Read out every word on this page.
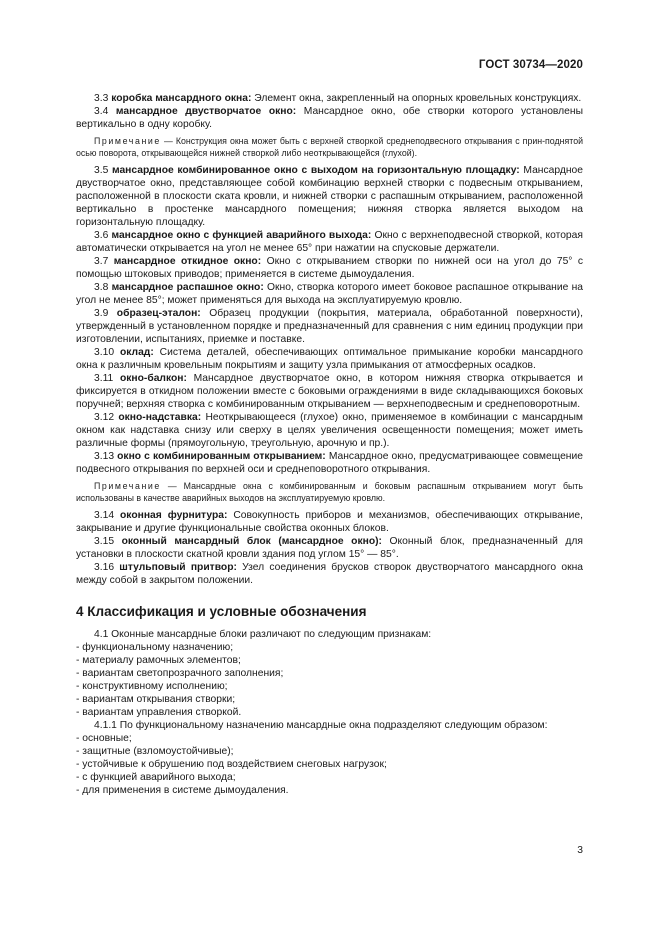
ГОСТ 30734—2020

3.3 коробка мансардного окна: Элемент окна, закрепленный на опорных кровельных конструкциях.

3.4 мансардное двустворчатое окно: Мансардное окно, обе створки которого установлены вертикально в одну коробку.

Примечание — Конструкция окна может быть с верхней створкой среднеподвесного открывания с прин-поднятой осью поворота, открывающейся нижней створкой либо неоткрывающейся (глухой).

3.5 мансардное комбинированное окно с выходом на горизонтальную площадку: Мансардное двустворчатое окно, представляющее собой комбинацию верхней створки с подвесным открыванием, расположенной в плоскости ската кровли, и нижней створки с распашным открыванием, расположенной вертикально в простенке мансардного помещения; нижняя створка является выходом на горизонтальную площадку.

3.6 мансардное окно с функцией аварийного выхода: Окно с верхнеподвесной створкой, которая автоматически открывается на угол не менее 65° при нажатии на спусковые держатели.

3.7 мансардное откидное окно: Окно с открыванием створки по нижней оси на угол до 75° с помощью штоковых приводов; применяется в системе дымоудаления.

3.8 мансардное распашное окно: Окно, створка которого имеет боковое распашное открывание на угол не менее 85°; может применяться для выхода на эксплуатируемую кровлю.

3.9 образец-эталон: Образец продукции (покрытия, материала, обработанной поверхности), утвержденный в установленном порядке и предназначенный для сравнения с ним единиц продукции при изготовлении, испытаниях, приемке и поставке.

3.10 оклад: Система деталей, обеспечивающих оптимальное примыкание коробки мансардного окна к различным кровельным покрытиям и защиту узла примыкания от атмосферных осадков.

3.11 окно-балкон: Мансардное двустворчатое окно, в котором нижняя створка открывается и фиксируется в откидном положении вместе с боковыми ограждениями в виде складывающихся боковых поручней; верхняя створка с комбинированным открыванием — верхнеподвесным и среднеповоротным.

3.12 окно-надставка: Неоткрывающееся (глухое) окно, применяемое в комбинации с мансардным окном как надставка снизу или сверху в целях увеличения освещенности помещения; может иметь различные формы (прямоугольную, треугольную, арочную и пр.).

3.13 окно с комбинированным открыванием: Мансардное окно, предусматривающее совмещение подвесного открывания по верхней оси и среднеповоротного открывания.

Примечание — Мансардные окна с комбинированным и боковым распашным открыванием могут быть использованы в качестве аварийных выходов на эксплуатируемую кровлю.

3.14 оконная фурнитура: Совокупность приборов и механизмов, обеспечивающих открывание, закрывание и другие функциональные свойства оконных блоков.

3.15 оконный мансардный блок (мансардное окно): Оконный блок, предназначенный для установки в плоскости скатной кровли здания под углом 15° — 85°.

3.16 штульповый притвор: Узел соединения брусков створок двустворчатого мансардного окна между собой в закрытом положении.

4 Классификация и условные обозначения

4.1 Оконные мансардные блоки различают по следующим признакам:

- функциональному назначению;
- материалу рамочных элементов;
- вариантам светопрозрачного заполнения;
- конструктивному исполнению;
- вариантам открывания створки;
- вариантам управления створкой.

4.1.1 По функциональному назначению мансардные окна подразделяют следующим образом:

- основные;
- защитные (взломоустойчивые);
- устойчивые к обрушению под воздействием снеговых нагрузок;
- с функцией аварийного выхода;
- для применения в системе дымоудаления.
3
